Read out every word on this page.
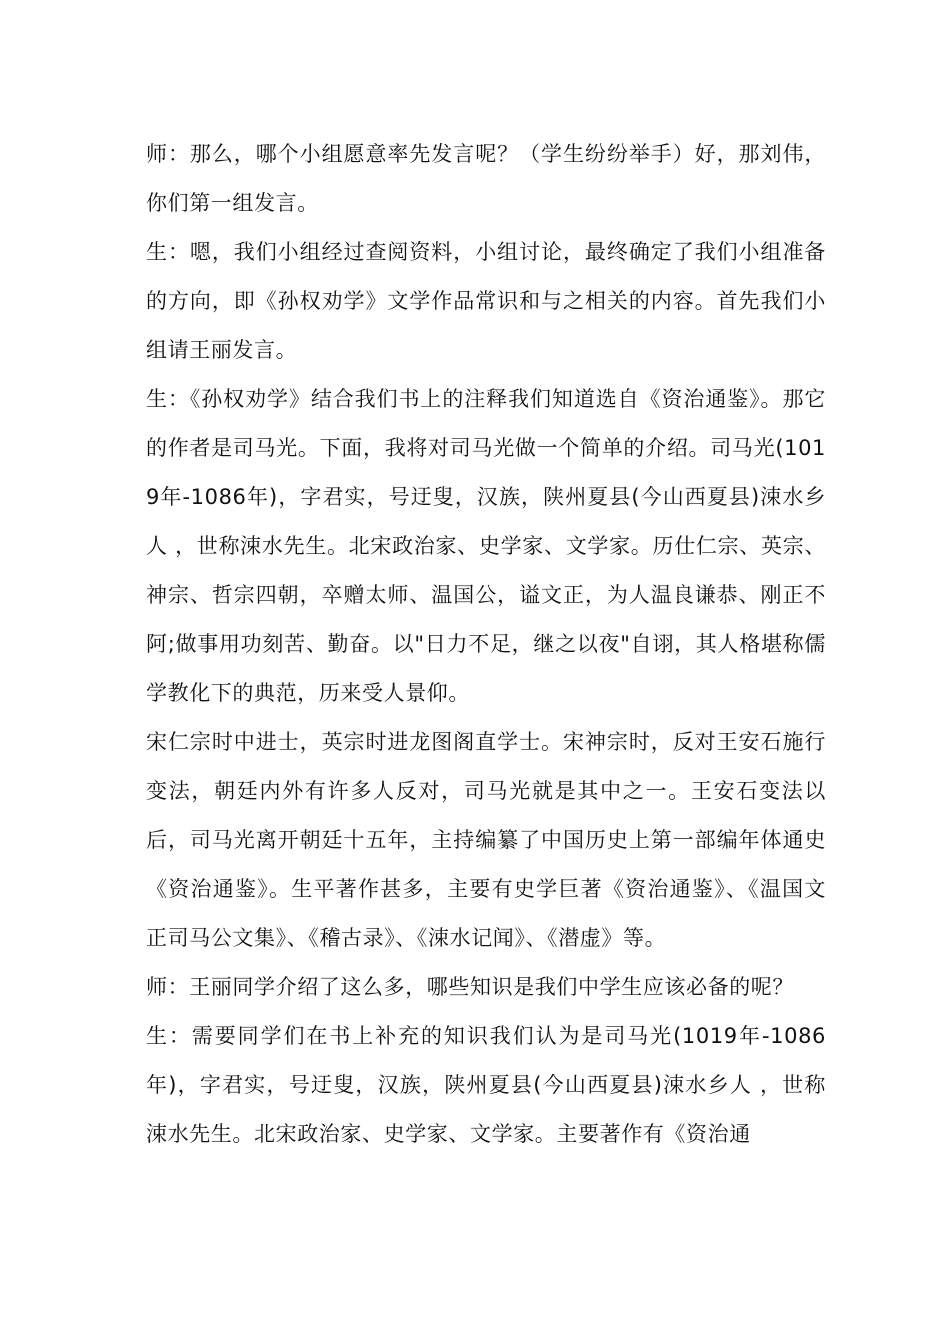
师：那么，哪个小组愿意率先发言呢？（学生纷纷举手）好，那刘伟，你们第一组发言。

生：嗯，我们小组经过查阅资料，小组讨论，最终确定了我们小组准备的方向，即《孙权劝学》文学作品常识和与之相关的内容。首先我们小组请王丽发言。

生：《孙权劝学》结合我们书上的注释我们知道选自《资治通鉴》。那它的作者是司马光。下面，我将对司马光做一个简单的介绍。司马光(1019年-1086年)，字君实，号迂叟，汉族，陕州夏县(今山西夏县)涑水乡人 ，世称涑水先生。北宋政治家、史学家、文学家。历仕仁宗、英宗、神宗、哲宗四朝，卒赠太师、温国公，谥文正，为人温良谦恭、刚正不阿;做事用功刻苦、勤奋。以"日力不足，继之以夜"自诩，其人格堪称儒学教化下的典范，历来受人景仰。

宋仁宗时中进士，英宗时进龙图阁直学士。宋神宗时，反对王安石施行变法，朝廷内外有许多人反对，司马光就是其中之一。王安石变法以后，司马光离开朝廷十五年，主持编纂了中国历史上第一部编年体通史《资治通鉴》。生平著作甚多，主要有史学巨著《资治通鉴》、《温国文正司马公文集》、《稽古录》、《涑水记闻》、《潜虚》等。

师：王丽同学介绍了这么多，哪些知识是我们中学生应该必备的呢？

生：需要同学们在书上补充的知识我们认为是司马光(1019年-1086年)，字君实，号迂叟，汉族，陕州夏县(今山西夏县)涑水乡人 ，世称涑水先生。北宋政治家、史学家、文学家。主要著作有《资治通
